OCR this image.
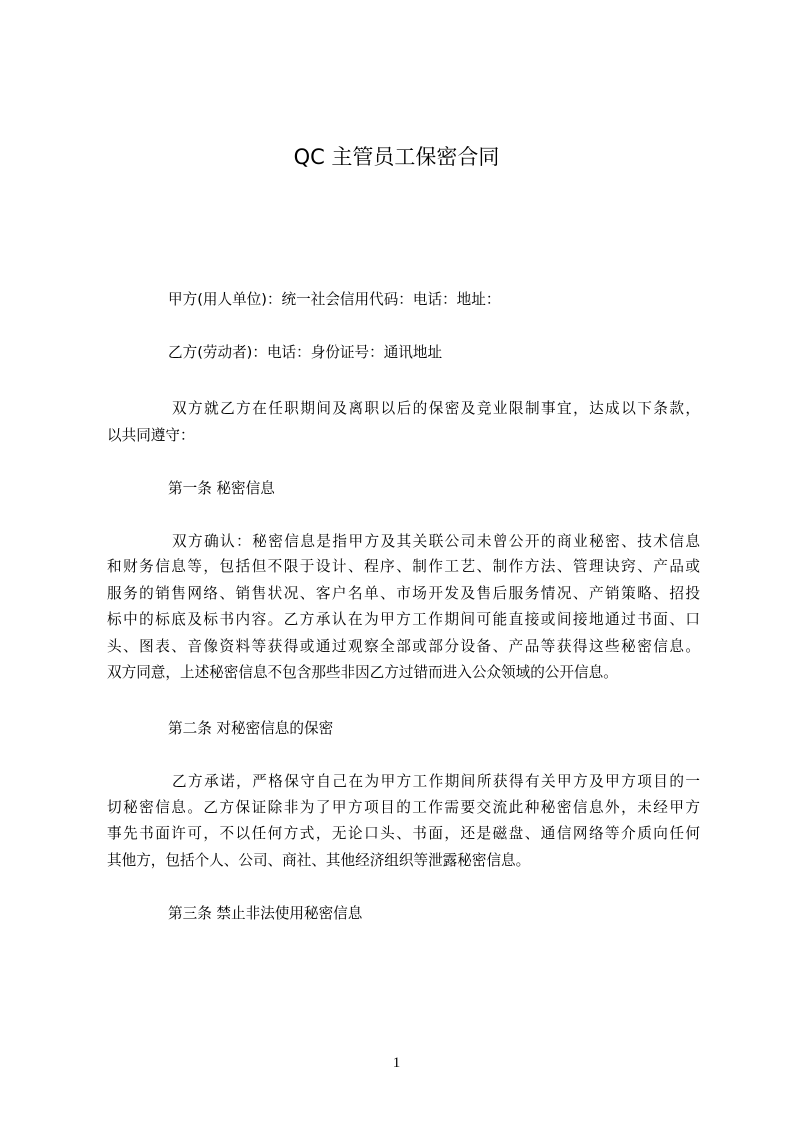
QC 主管员工保密合同
甲方(用人单位)：统一社会信用代码：电话：地址：
乙方(劳动者)：电话：身份证号：通讯地址
双方就乙方在任职期间及离职以后的保密及竞业限制事宜，达成以下条款，
以共同遵守：
第一条 秘密信息
双方确认：秘密信息是指甲方及其关联公司未曾公开的商业秘密、技术信息
和财务信息等，包括但不限于设计、程序、制作工艺、制作方法、管理诀窍、产品或
服务的销售网络、销售状况、客户名单、市场开发及售后服务情况、产销策略、招投
标中的标底及标书内容。乙方承认在为甲方工作期间可能直接或间接地通过书面、口
头、图表、音像资料等获得或通过观察全部或部分设备、产品等获得这些秘密信息。
双方同意，上述秘密信息不包含那些非因乙方过错而进入公众领域的公开信息。
第二条 对秘密信息的保密
乙方承诺，严格保守自己在为甲方工作期间所获得有关甲方及甲方项目的一
切秘密信息。乙方保证除非为了甲方项目的工作需要交流此种秘密信息外，未经甲方
事先书面许可，不以任何方式，无论口头、书面，还是磁盘、通信网络等介质向任何
其他方，包括个人、公司、商社、其他经济组织等泄露秘密信息。
第三条 禁止非法使用秘密信息
1
